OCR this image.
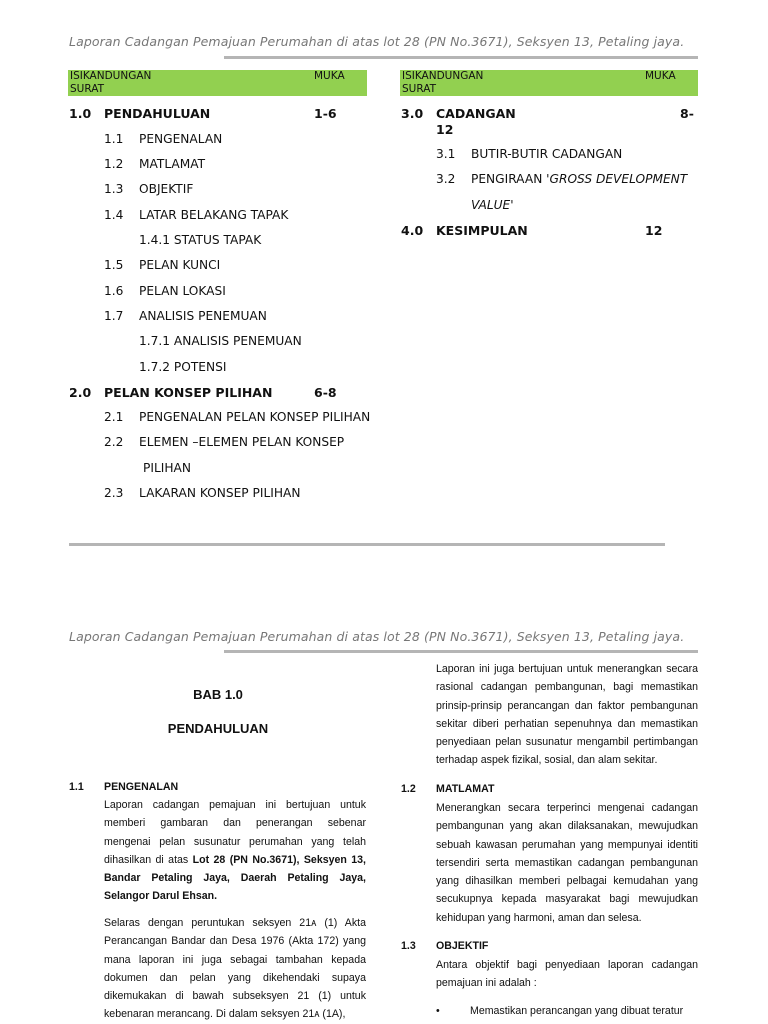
Laporan Cadangan Pemajuan Perumahan di atas lot 28 (PN No.3671), Seksyen 13, Petaling jaya.
ISIKANDUNGAN SURAT
MUKA	ISIKANDUNGAN SURAT
MUKA
1.0 PENDAHULUAN	1-6
1.1 PENGENALAN
1.2 MATLAMAT
1.3 OBJEKTIF
1.4 LATAR BELAKANG TAPAK
1.4.1 STATUS TAPAK
1.5 PELAN KUNCI
1.6 PELAN LOKASI
1.7 ANALISIS PENEMUAN
1.7.1 ANALISIS PENEMUAN
1.7.2 POTENSI
2.0 PELAN KONSEP PILIHAN	6-8
2.1 PENGENALAN PELAN KONSEP PILIHAN
2.2 ELEMEN –ELEMEN PELAN KONSEP
PILIHAN
2.3 LAKARAN KONSEP PILIHAN
3.0 CADANGAN	8-
12
3.1 BUTIR-BUTIR CADANGAN
3.2 PENGIRAAN 'GROSS DEVELOPMENT
VALUE'
4.0 KESIMPULAN	12
Laporan Cadangan Pemajuan Perumahan di atas lot 28 (PN No.3671), Seksyen 13, Petaling jaya.
BAB 1.0
PENDAHULUAN
1.1 PENGENALAN
Laporan cadangan pemajuan ini bertujuan untuk memberi gambaran dan penerangan sebenar mengenai pelan susunatur perumahan yang telah dihasilkan di atas Lot 28 (PN No.3671), Seksyen 13, Bandar Petaling Jaya, Daerah Petaling Jaya, Selangor Darul Ehsan.
Selaras dengan peruntukan seksyen 21ᴀ (1) Akta Perancangan Bandar dan Desa 1976 (Akta 172) yang mana laporan ini juga sebagai tambahan kepada dokumen dan pelan yang dikehendaki supaya dikemukakan di bawah subseksyen 21 (1) untuk kebenaran merancang. Di dalam seksyen 21ᴀ (1A),
Laporan ini juga bertujuan untuk menerangkan secara rasional cadangan pembangunan, bagi memastikan prinsip-prinsip perancangan dan faktor pembangunan sekitar diberi perhatian sepenuhnya dan memastikan penyediaan pelan susunatur mengambil pertimbangan terhadap aspek fizikal, sosial, dan alam sekitar.
1.2 MATLAMAT
Menerangkan secara terperinci mengenai cadangan pembangunan yang akan dilaksanakan, mewujudkan sebuah kawasan perumahan yang mempunyai identiti tersendiri serta memastikan cadangan pembangunan yang dihasilkan memberi pelbagai kemudahan yang secukupnya kepada masyarakat bagi mewujudkan kehidupan yang harmoni, aman dan selesa.
1.3 OBJEKTIF
Antara objektif bagi penyediaan laporan cadangan pemajuan ini adalah :
•	Memastikan perancangan yang dibuat teratur
